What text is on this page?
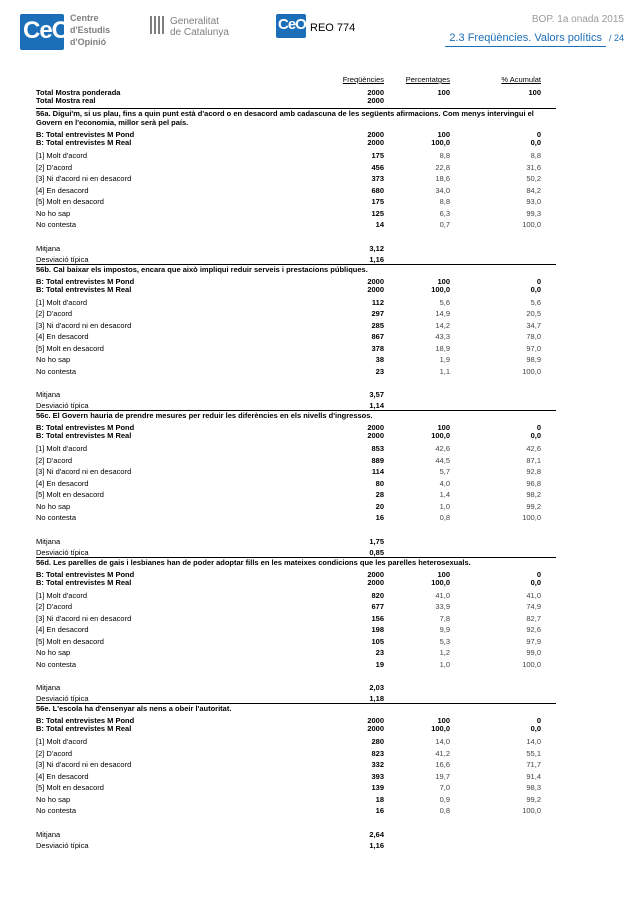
CeO Centre
d'Estudis
d'Opinió
Generalitat
de Catalunya	CeO REO 774
BOP. 1a onada 2015
2.3 Freqüències. Valors polítics / 24
Freqüències	Percentatges	% Acumulat
Total Mostra ponderada	2000	100	100
Total Mostra real	2000
56a. Digui'm, si us plau, fins a quin punt està d'acord o en desacord amb cadascuna de les següents afirmacions. Com menys intervingui el Govern en l'economia, millor serà pel país.
B: Total entrevistes M Pond	2000	100	0
B: Total entrevistes M Real	2000	100,0	0,0
[1] Molt d'acord	175	8,8	8,8
[2] D'acord	456	22,8	31,6
[3] Ni d'acord ni en desacord	373	18,6	50,2
[4] En desacord	680	34,0	84,2
[5] Molt en desacord	175	8,8	93,0
No ho sap	125	6,3	99,3
No contesta	14	0,7	100,0
Mitjana	3,12
Desviació típica	1,16
56b. Cal baixar els impostos, encara que això impliqui reduir serveis i prestacions públiques.
B: Total entrevistes M Pond	2000	100	0
B: Total entrevistes M Real	2000	100,0	0,0
[1] Molt d'acord	112	5,6	5,6
[2] D'acord	297	14,9	20,5
[3] Ni d'acord ni en desacord	285	14,2	34,7
[4] En desacord	867	43,3	78,0
[5] Molt en desacord	378	18,9	97,0
No ho sap	38	1,9	98,9
No contesta	23	1,1	100,0
Mitjana	3,57
Desviació típica	1,14
56c. El Govern hauria de prendre mesures per reduir les diferències en els nivells d'ingressos.
B: Total entrevistes M Pond	2000	100	0
B: Total entrevistes M Real	2000	100,0	0,0
[1] Molt d'acord	853	42,6	42,6
[2] D'acord	889	44,5	87,1
[3] Ni d'acord ni en desacord	114	5,7	92,8
[4] En desacord	80	4,0	96,8
[5] Molt en desacord	28	1,4	98,2
No ho sap	20	1,0	99,2
No contesta	16	0,8	100,0
Mitjana	1,75
Desviació típica	0,85
56d. Les parelles de gais i lesbianes han de poder adoptar fills en les mateixes condicions que les parelles heterosexuals.
B: Total entrevistes M Pond	2000	100	0
B: Total entrevistes M Real	2000	100,0	0,0
[1] Molt d'acord	820	41,0	41,0
[2] D'acord	677	33,9	74,9
[3] Ni d'acord ni en desacord	156	7,8	82,7
[4] En desacord	198	9,9	92,6
[5] Molt en desacord	105	5,3	97,9
No ho sap	23	1,2	99,0
No contesta	19	1,0	100,0
Mitjana	2,03
Desviació típica	1,18
56e. L'escola ha d'ensenyar als nens a obeir l'autoritat.
B: Total entrevistes M Pond	2000	100	0
B: Total entrevistes M Real	2000	100,0	0,0
[1] Molt d'acord	280	14,0	14,0
[2] D'acord	823	41,2	55,1
[3] Ni d'acord ni en desacord	332	16,6	71,7
[4] En desacord	393	19,7	91,4
[5] Molt en desacord	139	7,0	98,3
No ho sap	18	0,9	99,2
No contesta	16	0,8	100,0
Mitjana	2,64
Desviació típica	1,16
